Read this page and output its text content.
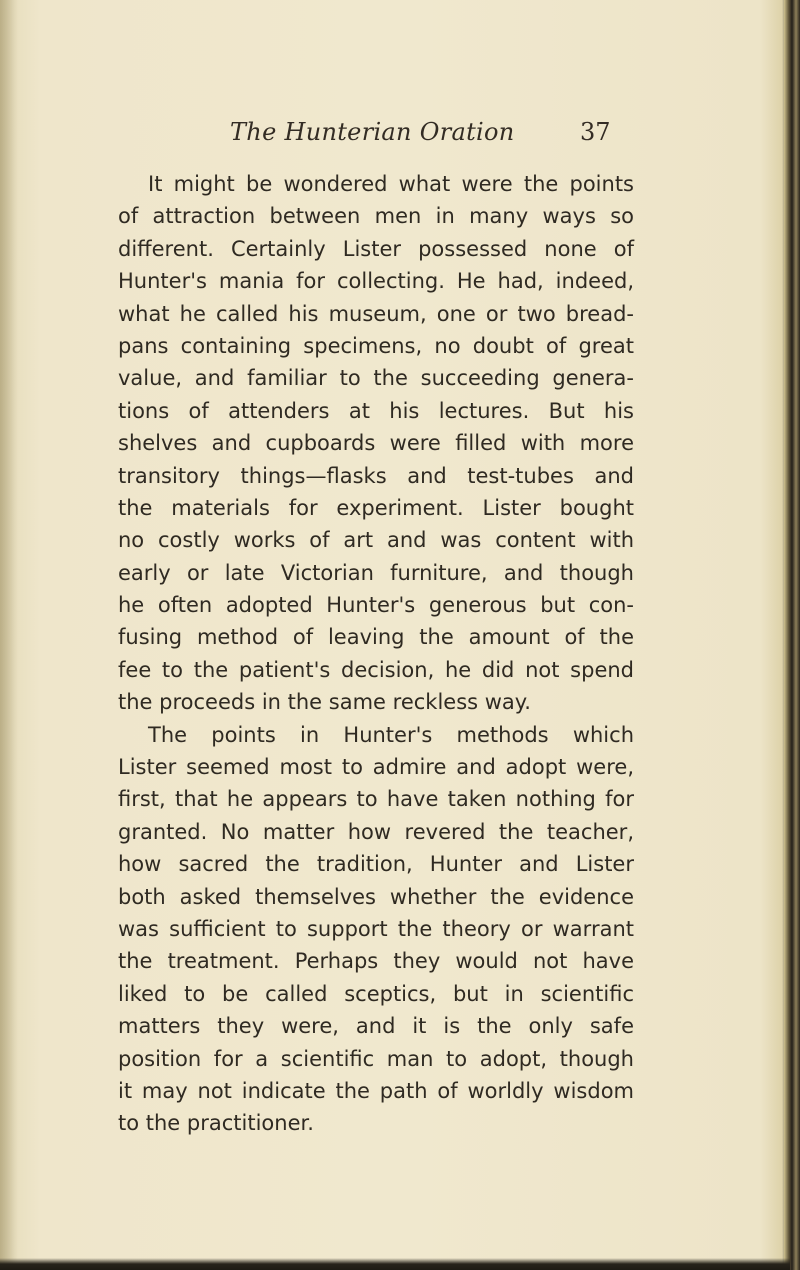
The Hunterian Oration	37
It might be wondered what were the points
of attraction between men in many ways so
different. Certainly Lister possessed none of
Hunter's mania for collecting. He had, indeed,
what he called his museum, one or two bread-
pans containing specimens, no doubt of great
value, and familiar to the succeeding genera-
tions of attenders at his lectures. But his
shelves and cupboards were filled with more
transitory things—flasks and test-tubes and
the materials for experiment. Lister bought
no costly works of art and was content with
early or late Victorian furniture, and though
he often adopted Hunter's generous but con-
fusing method of leaving the amount of the
fee to the patient's decision, he did not spend
the proceeds in the same reckless way.
The points in Hunter's methods which
Lister seemed most to admire and adopt were,
first, that he appears to have taken nothing for
granted. No matter how revered the teacher,
how sacred the tradition, Hunter and Lister
both asked themselves whether the evidence
was sufficient to support the theory or warrant
the treatment. Perhaps they would not have
liked to be called sceptics, but in scientific
matters they were, and it is the only safe
position for a scientific man to adopt, though
it may not indicate the path of worldly wisdom
to the practitioner.
